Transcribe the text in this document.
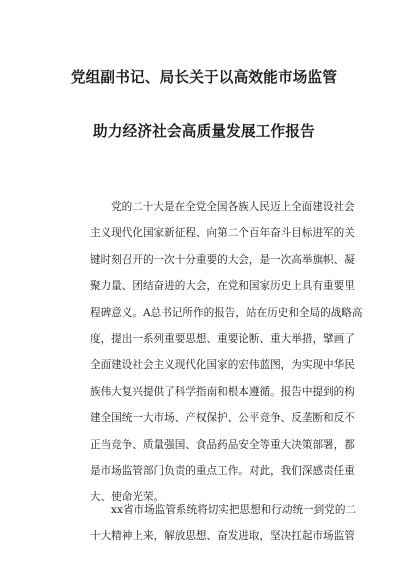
党组副书记、局长关于以高效能市场监管
助力经济社会高质量发展工作报告
党的二十大是在全党全国各族人民迈上全面建设社会
主义现代化国家新征程、向第二个百年奋斗目标进军的关
键时刻召开的一次十分重要的大会，是一次高举旗帜、凝
聚力量、团结奋进的大会，在党和国家历史上具有重要里
程碑意义。A总书记所作的报告，站在历史和全局的战略高
度，提出一系列重要思想、重要论断、重大举措，擘画了
全面建设社会主义现代化国家的宏伟蓝图，为实现中华民
族伟大复兴提供了科学指南和根本遵循。报告中提到的构
建全国统一大市场、产权保护、公平竞争、反垄断和反不
正当竞争、质量强国、食品药品安全等重大决策部署，都
是市场监管部门负责的重点工作。对此，我们深感责任重
大、使命光荣。
xx省市场监管系统将切实把思想和行动统一到党的二
十大精神上来，解放思想、奋发进取，坚决扛起市场监管
